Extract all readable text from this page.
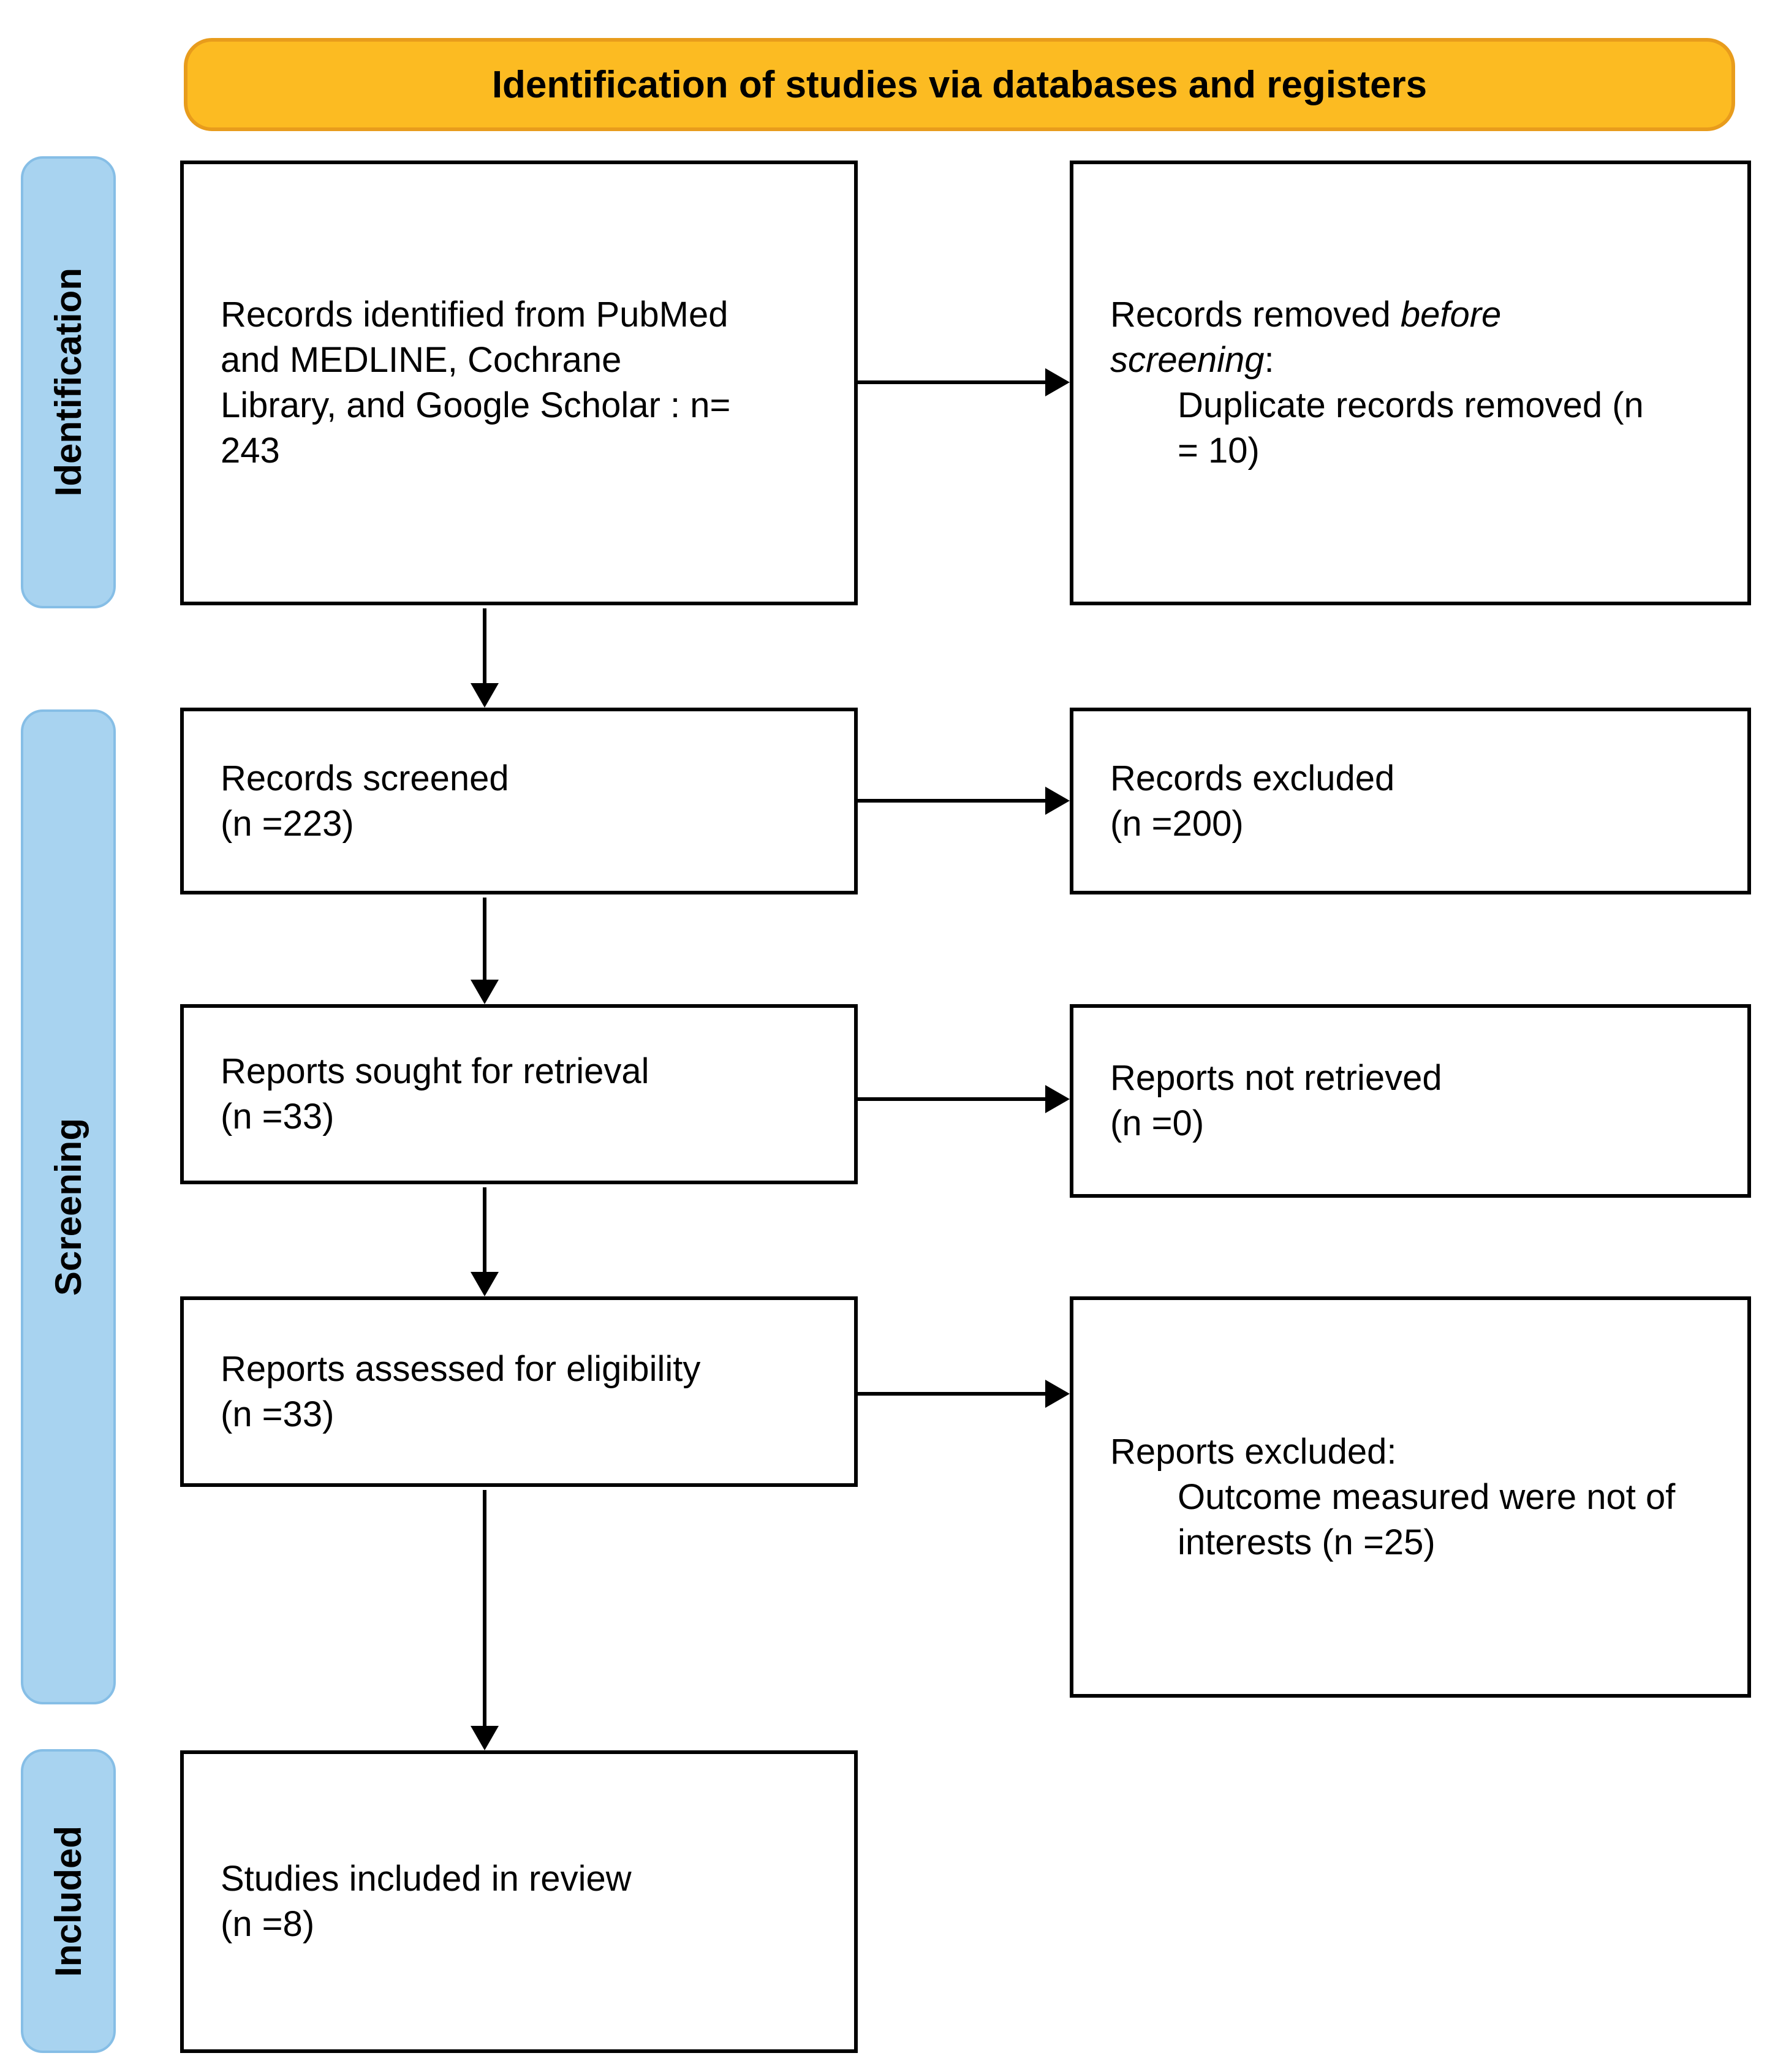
Identification of studies via databases and registers
Identification
Screening
Included
Records identified from PubMed
and MEDLINE, Cochrane
Library, and Google Scholar : n=
243
Records screened
(n =223)
Reports sought for retrieval
(n =33)
Reports assessed for eligibility
(n =33)
Studies included in review
(n =8)
Records removed before screening:
Duplicate records removed (n = 10)
Records excluded
(n =200)
Reports not retrieved
(n =0)
Reports excluded:
Outcome measured were not of interests (n =25)
